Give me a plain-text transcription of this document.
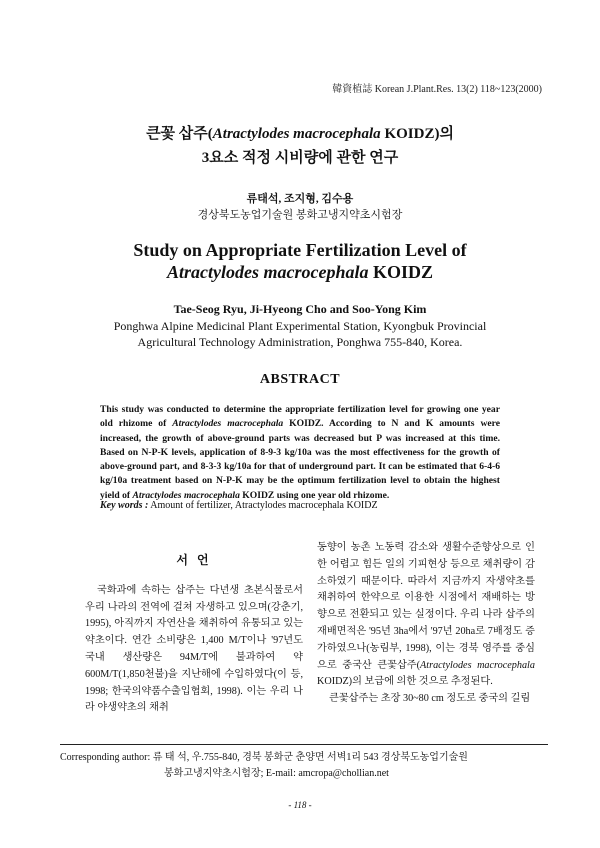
韓資植誌 Korean J.Plant.Res. 13(2) 118~123(2000)
큰꽃 삽주(Atractylodes macrocephala KOIDZ)의
3요소 적정 시비량에 관한 연구
류태석, 조지형, 김수용
경상북도농업기술원 봉화고냉지약초시험장
Study on Appropriate Fertilization Level of
Atractylodes macrocephala KOIDZ
Tae-Seog Ryu, Ji-Hyeong Cho and Soo-Yong Kim
Ponghwa Alpine Medicinal Plant Experimental Station, Kyongbuk Provincial Agricultural Technology Administration, Ponghwa 755-840, Korea.
ABSTRACT
This study was conducted to determine the appropriate fertilization level for growing one year old rhizome of Atractylodes macrocephala KOIDZ. According to N and K amounts were increased, the growth of above-ground parts was decreased but P was increased at this time. Based on N-P-K levels, application of 8-9-3 kg/10a was the most effectiveness for the growth of above-ground part, and 8-3-3 kg/10a for that of underground part. It can be estimated that 6-4-6 kg/10a treatment based on N-P-K may be the optimum fertilization level to obtain the highest yield of Atractylodes macrocephala KOIDZ using one year old rhizome.
Key words : Amount of fertilizer, Atractylodes macrocephala KOIDZ

서 언

국화과에 속하는 삽주는 다년생 초본식물로서 우리 나라의 전역에 걸쳐 자생하고 있으며(강춘기, 1995), 아직까지 자연산을 채취하여 유통되고 있는 약초이다. 연간 소비량은 1,400 M/T이나 '97년도 국내 생산량은 94M/T에 불과하여 약 600M/T(1,850천불)을 지난해에 수입하였다(이 등, 1998; 한국의약품수출입협회, 1998). 이는 우리 나라 야생약초의 채취

동향이 농촌 노동력 감소와 생활수준향상으로 인한 어렵고 힘든 일의 기피현상 등으로 채취량이 감소하였기 때문이다. 따라서 지금까지 자생약초를 채취하여 한약으로 이용한 시점에서 재배하는 방향으로 전환되고 있는 실정이다. 우리 나라 삽주의 재배면적은 '95년 3ha에서 '97년 20ha로 7배정도 증가하였으나(농림부, 1998), 이는 경북 영주를 중심으로 중국산 큰꽃삽주(Atractylodes macrocephala KOIDZ)의 보급에 의한 것으로 추정된다.

큰꽃삽주는 초장 30~80 cm 정도로 중국의 길림

Corresponding author: 류 태 석, 우.755-840, 경북 봉화군 춘양면 서벽1리 543 경상북도농업기술원
봉화고냉지약초시험장; E-mail: amcropa@chollian.net
- 118 -
